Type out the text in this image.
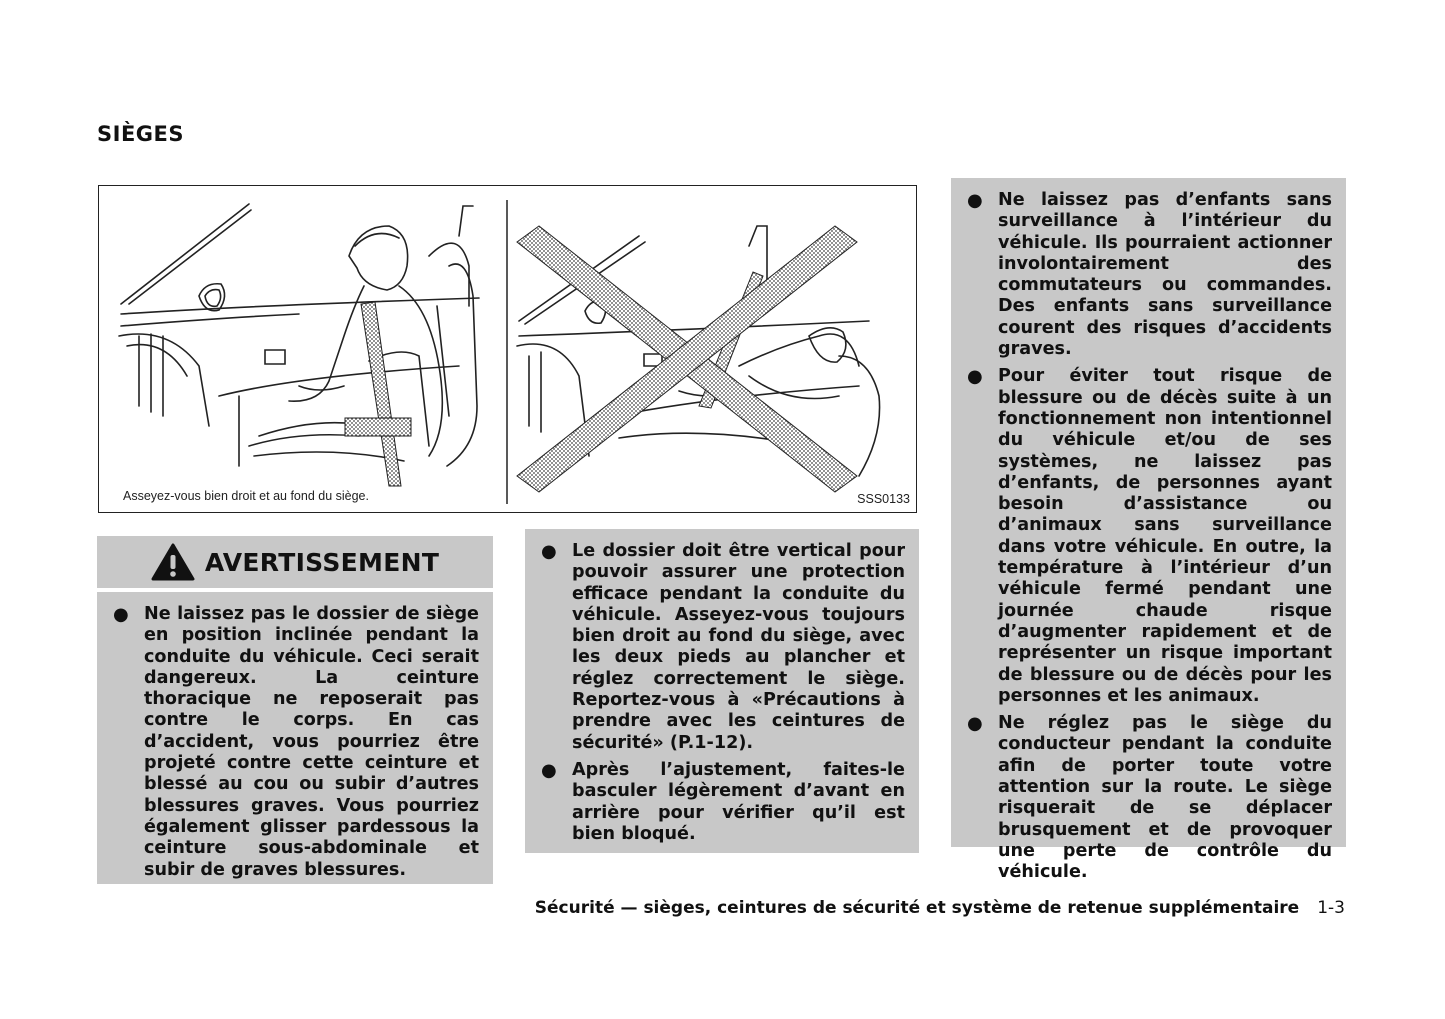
SIÈGES
Asseyez-vous bien droit et au fond du siège.	SSS0133
AVERTISSEMENT
● Ne laissez pas le dossier de siège en position inclinée pendant la conduite du véhicule. Ceci serait dangereux. La ceinture thoracique ne reposerait pas contre le corps. En cas d’accident, vous pourriez être projeté contre cette ceinture et blessé au cou ou subir d’autres blessures graves. Vous pourriez également glisser pardessous la ceinture sous-abdominale et subir de graves blessures.
● Le dossier doit être vertical pour pouvoir assurer une protection efficace pendant la conduite du véhicule. Asseyez-vous toujours bien droit au fond du siège, avec les deux pieds au plancher et réglez correctement le siège. Reportez-vous à «Précautions à prendre avec les ceintures de sécurité» (P.1-12).
● Après l’ajustement, faites-le basculer légèrement d’avant en arrière pour vérifier qu’il est bien bloqué.
● Ne laissez pas d’enfants sans surveillance à l’intérieur du véhicule. Ils pourraient actionner involontairement des commutateurs ou commandes. Des enfants sans surveillance courent des risques d’accidents graves.
● Pour éviter tout risque de blessure ou de décès suite à un fonctionnement non intentionnel du véhicule et/ou de ses systèmes, ne laissez pas d’enfants, de personnes ayant besoin d’assistance ou d’animaux sans surveillance dans votre véhicule. En outre, la température à l’intérieur d’un véhicule fermé pendant une journée chaude risque d’augmenter rapidement et de représenter un risque important de blessure ou de décès pour les personnes et les animaux.
● Ne réglez pas le siège du conducteur pendant la conduite afin de porter toute votre attention sur la route. Le siège risquerait de se déplacer brusquement et de provoquer une perte de contrôle du véhicule.
Sécurité — sièges, ceintures de sécurité et système de retenue supplémentaire 1-3
